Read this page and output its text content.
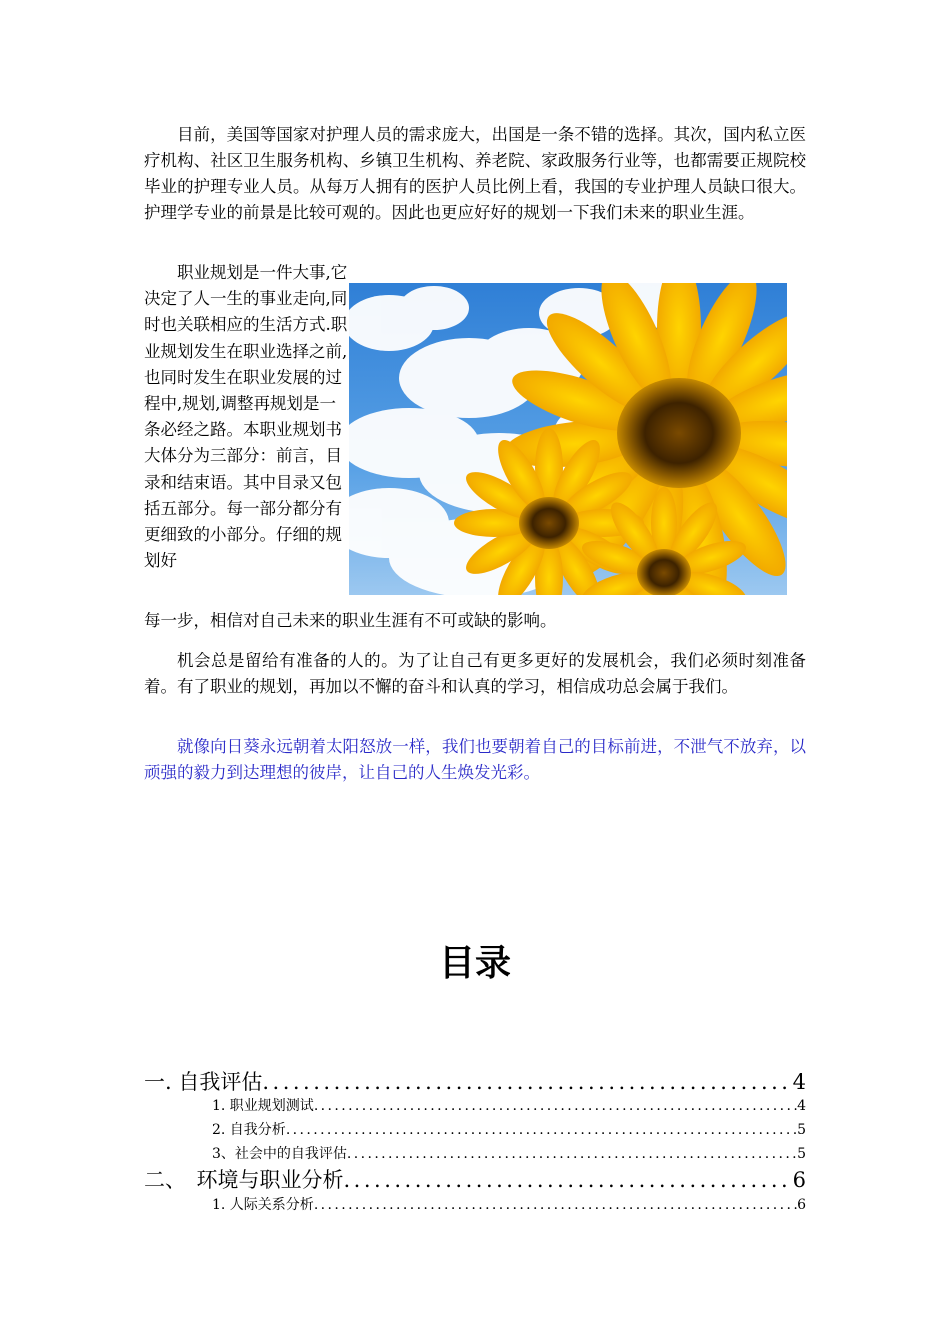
目前，美国等国家对护理人员的需求庞大，出国是一条不错的选择。其次，国内私立医疗机构、社区卫生服务机构、乡镇卫生机构、养老院、家政服务行业等，也都需要正规院校毕业的护理专业人员。从每万人拥有的医护人员比例上看，我国的专业护理人员缺口很大。护理学专业的前景是比较可观的。因此也更应好好的规划一下我们未来的职业生涯。

职业规划是一件大事,它决定了人一生的事业走向,同时也关联相应的生活方式.职业规划发生在职业选择之前,也同时发生在职业发展的过程中,规划,调整再规划是一条必经之路。本职业规划书大体分为三部分：前言，目录和结束语。其中目录又包括五部分。每一部分都分有更细致的小部分。仔细的规划好

每一步，相信对自己未来的职业生涯有不可或缺的影响。

机会总是留给有准备的人的。为了让自己有更多更好的发展机会，我们必须时刻准备着。有了职业的规划，再加以不懈的奋斗和认真的学习，相信成功总会属于我们。

就像向日葵永远朝着太阳怒放一样，我们也要朝着自己的目标前进，不泄气不放弃，以顽强的毅力到达理想的彼岸，让自己的人生焕发光彩。

目录
一. 自我评估 .....	4
1. 职业规划测试 .....	4
2. 自我分析 .....	5
3、社会中的自我评估 .....	5
二、　环境与职业分析 .....	6
1. 人际关系分析 .....	6
